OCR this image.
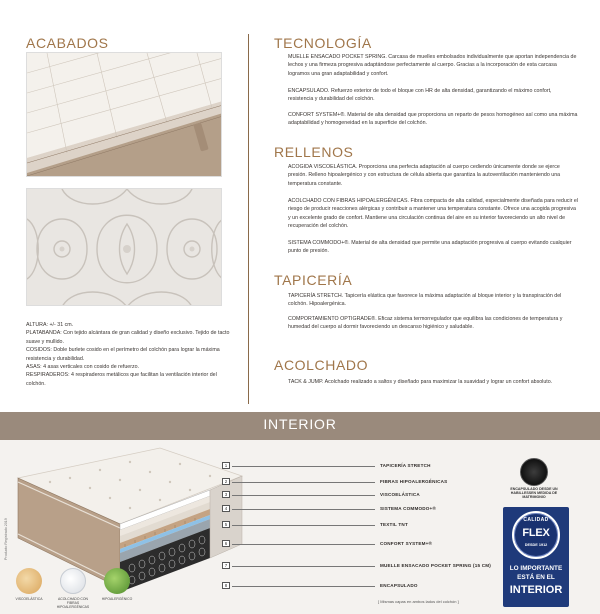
ACABADOS
ALTURA: +/- 31 cm.
PLATABANDA: Con tejido alcántara de gran calidad y diseño exclusivo. Tejido de tacto suave y mullido.
COSIDOS: Doble burlete cosido en el perímetro del colchón para lograr la máxima resistencia y durabilidad.
ASAS: 4 asas verticales con cosido de refuerzo.
RESPIRADEROS: 4 respiraderos metálicos que facilitan la ventilación interior del colchón.
TECNOLOGÍA
MUELLE ENSACADO POCKET SPRING. Carcasa de muelles embolsados individualmente que aportan independencia de lechos y una firmeza progresiva adaptándose perfectamente al cuerpo. Gracias a la incorporación de esta carcasa logramos una gran adaptabilidad y confort.
ENCAPSULADO. Refuerzo exterior de todo el bloque con HR de alta densidad, garantizando el máximo confort, resistencia y durabilidad del colchón.
CONFORT SYSTEM+®. Material de alta densidad que proporciona un reparto de pesos homogéneo así como una máxima adaptabilidad y homogeneidad en la superficie del colchón.
RELLENOS
ACOGIDA VISCOELÁSTICA. Proporciona una perfecta adaptación al cuerpo cediendo únicamente donde se ejerce presión. Relleno hipoalergénico y con estructura de célula abierta que garantiza la autoventilación manteniendo una temperatura constante.
ACOLCHADO CON FIBRAS HIPOALERGÉNICAS. Fibra compacta de alta calidad, especialmente diseñada para reducir el riesgo de producir reacciones alérgicas y contribuir a mantener una temperatura constante. Ofrece una acogida progresiva y un excelente grado de confort. Mantiene una circulación continua del aire en su interior favoreciendo un alto nivel de recuperación del colchón.
SISTEMA COMMODO+®. Material de alta densidad que permite una adaptación progresiva al cuerpo evitando cualquier punto de presión.
TAPICERÍA
TAPICERÍA STRETCH. Tapicería elástica que favorece la máxima adaptación al bloque interior y la transpiración del colchón. Hipoalergénica.
COMPORTAMIENTO OPTIGRADE®. Eficaz sistema termorregulador que equilibra las condiciones de temperatura y humedad del cuerpo al dormir favoreciendo un descanso higiénico y saludable.
ACOLCHADO
TACK & JUMP. Acolchado realizado a saltos y diseñado para maximizar la suavidad y lograr un confort absoluto.
INTERIOR
1	TAPICERÍA STRETCH
2	FIBRAS HIPOALERGÉNICAS
3	VISCOELÁSTICA
4	SISTEMA COMMODO+®
5	TEXTIL TNT
6	CONFORT SYSTEM+®
7	MUELLE ENSACADO POCKET SPRING (15 CM)
8	ENCAPSULADO
[ Mismas capas en ambos lados del colchón ]
Producto Registrado 2019
VISCOELÁSTICA	ACOLCHADO CON FIBRAS HIPOALERGÉNICAS
HIPOALERGÉNICO
ENCAPSULADO DESDE UN HABILLESSEN MEDIDA DE MATRIMONIO
CALIDAD
FLEX
DESDE 1912
LO IMPORTANTE
ESTÁ EN EL
INTERIOR
